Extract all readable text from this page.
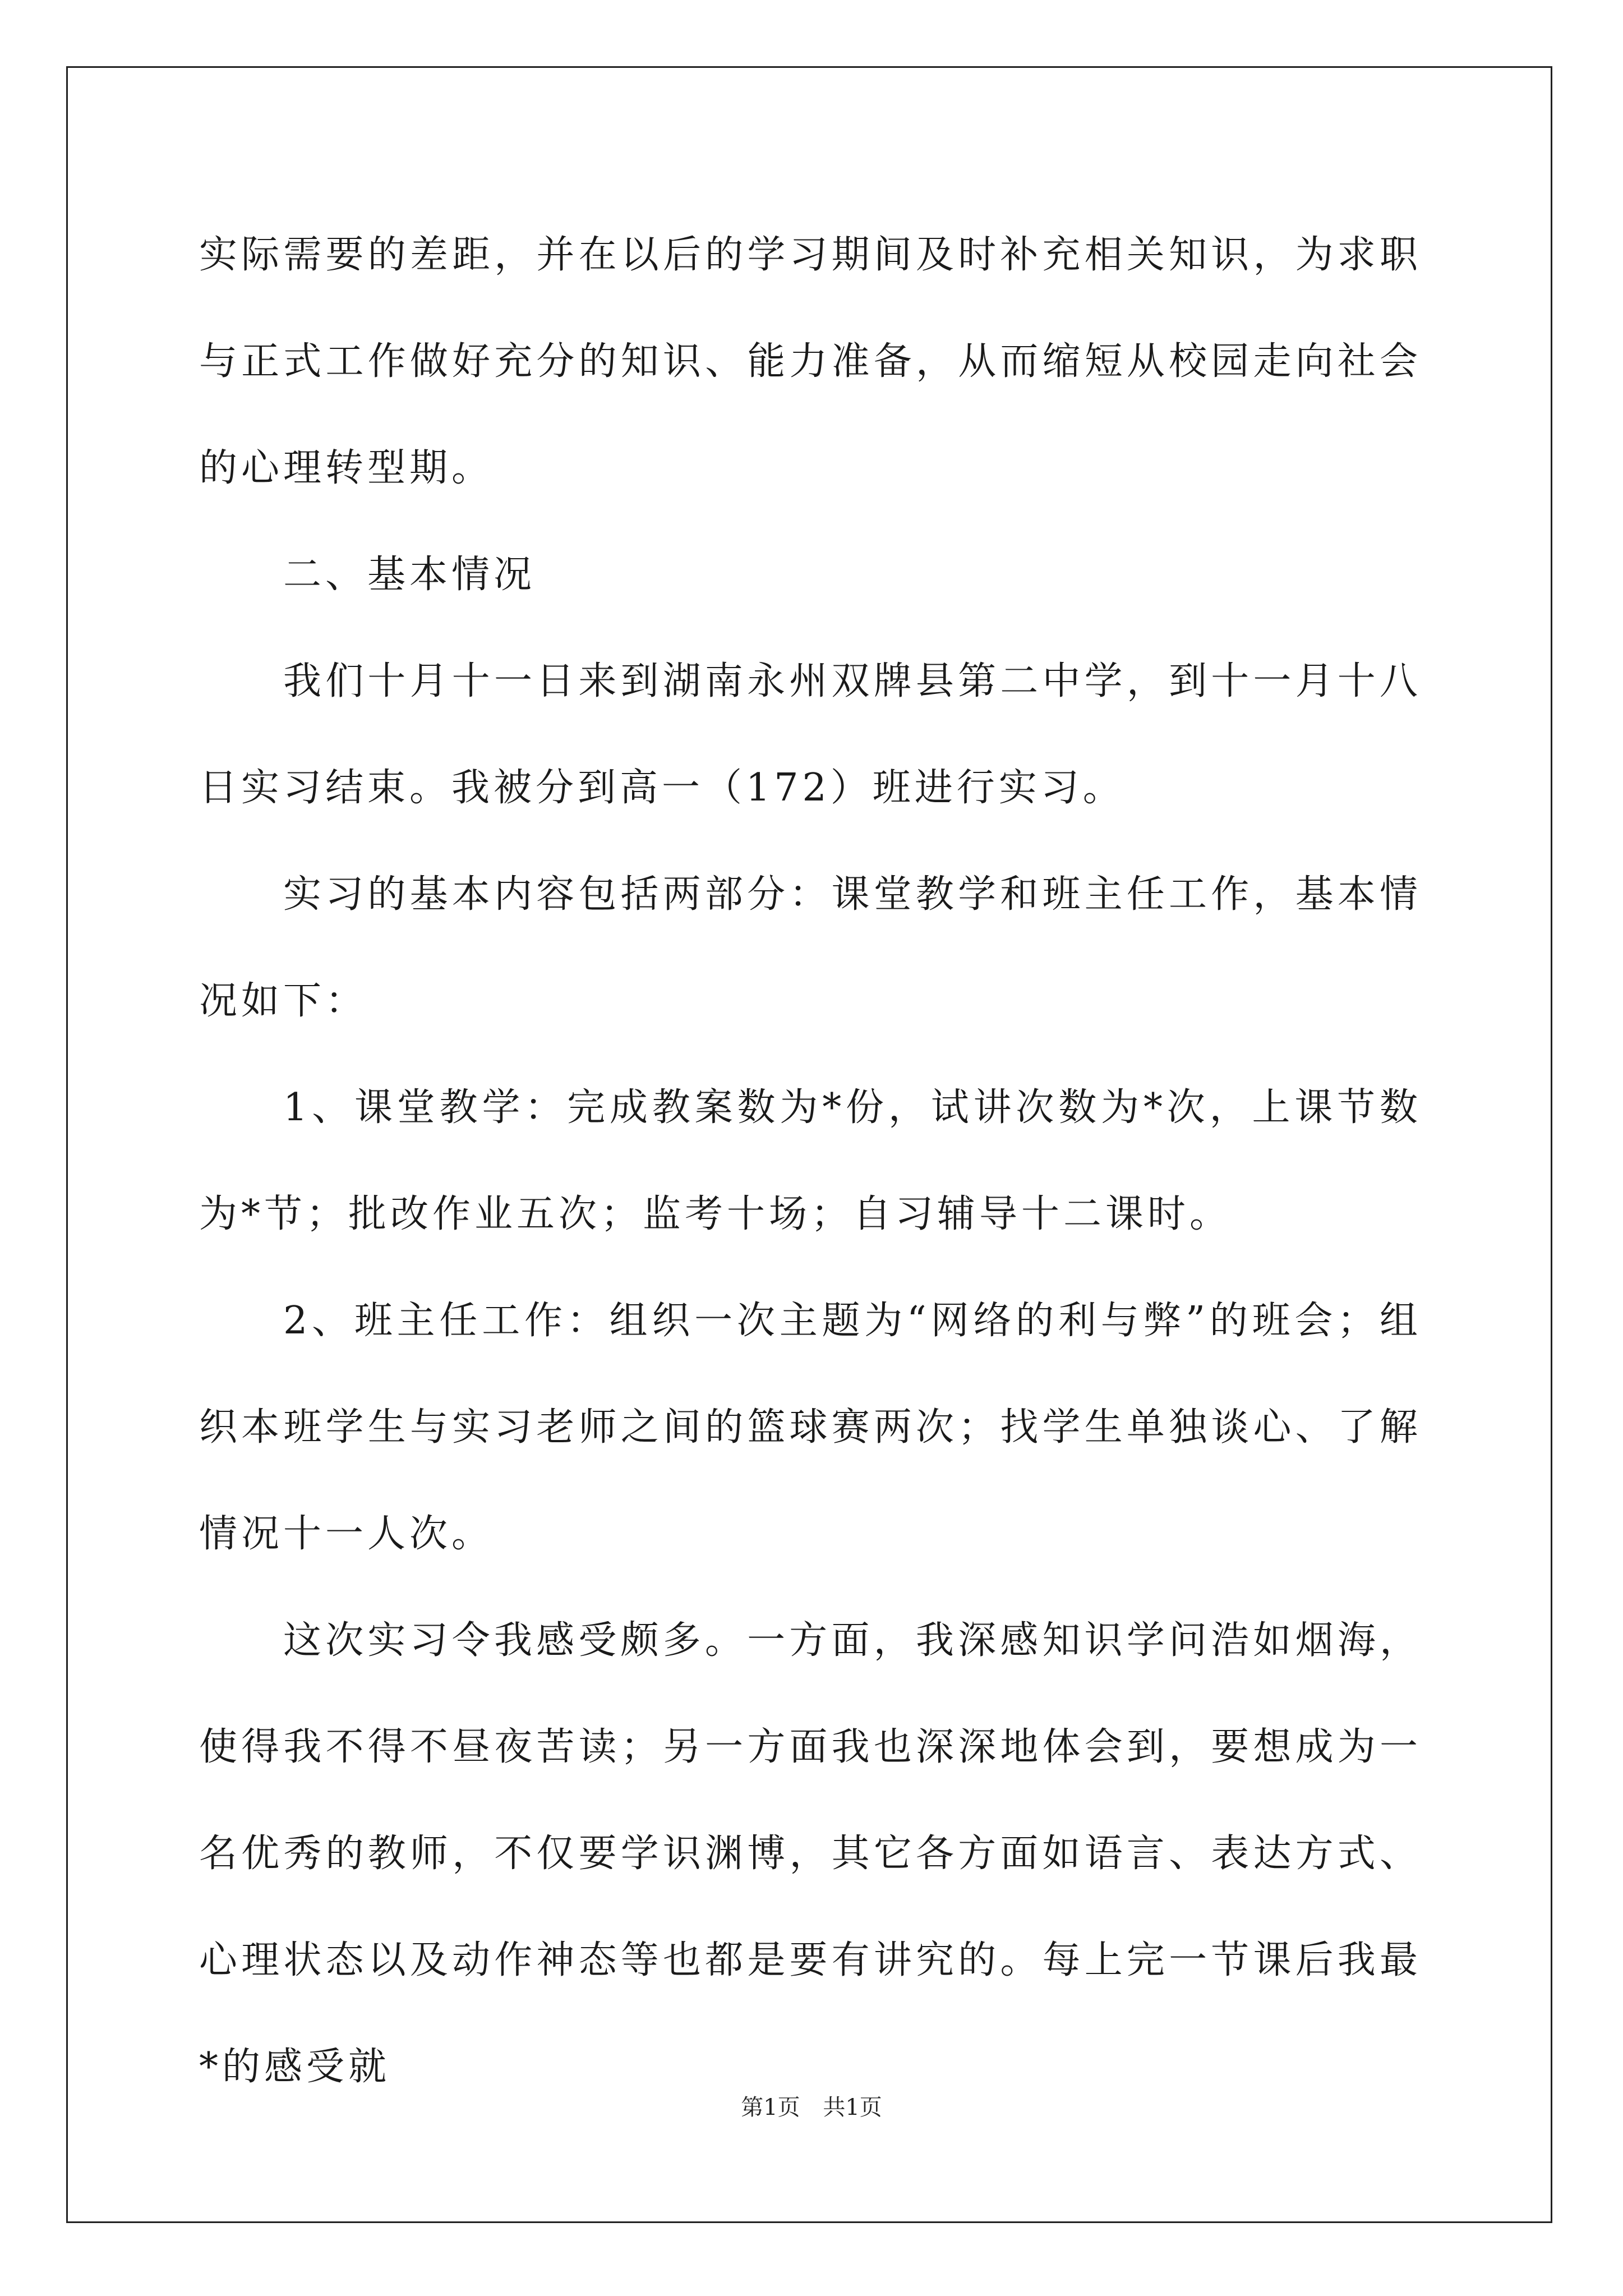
实际需要的差距，并在以后的学习期间及时补充相关知识，为求职与正式工作做好充分的知识、能力准备，从而缩短从校园走向社会的心理转型期。

二、基本情况

我们十月十一日来到湖南永州双牌县第二中学，到十一月十八日实习结束。我被分到高一（172）班进行实习。

实习的基本内容包括两部分：课堂教学和班主任工作，基本情况如下：

1、课堂教学：完成教案数为*份，试讲次数为*次，上课节数为*节；批改作业五次；监考十场；自习辅导十二课时。

2、班主任工作：组织一次主题为“网络的利与弊”的班会；组织本班学生与实习老师之间的篮球赛两次；找学生单独谈心、了解情况十一人次。

这次实习令我感受颇多。一方面，我深感知识学问浩如烟海，使得我不得不昼夜苦读；另一方面我也深深地体会到，要想成为一名优秀的教师，不仅要学识渊博，其它各方面如语言、表达方式、心理状态以及动作神态等也都是要有讲究的。每上完一节课后我最*的感受就

第1页 共1页
